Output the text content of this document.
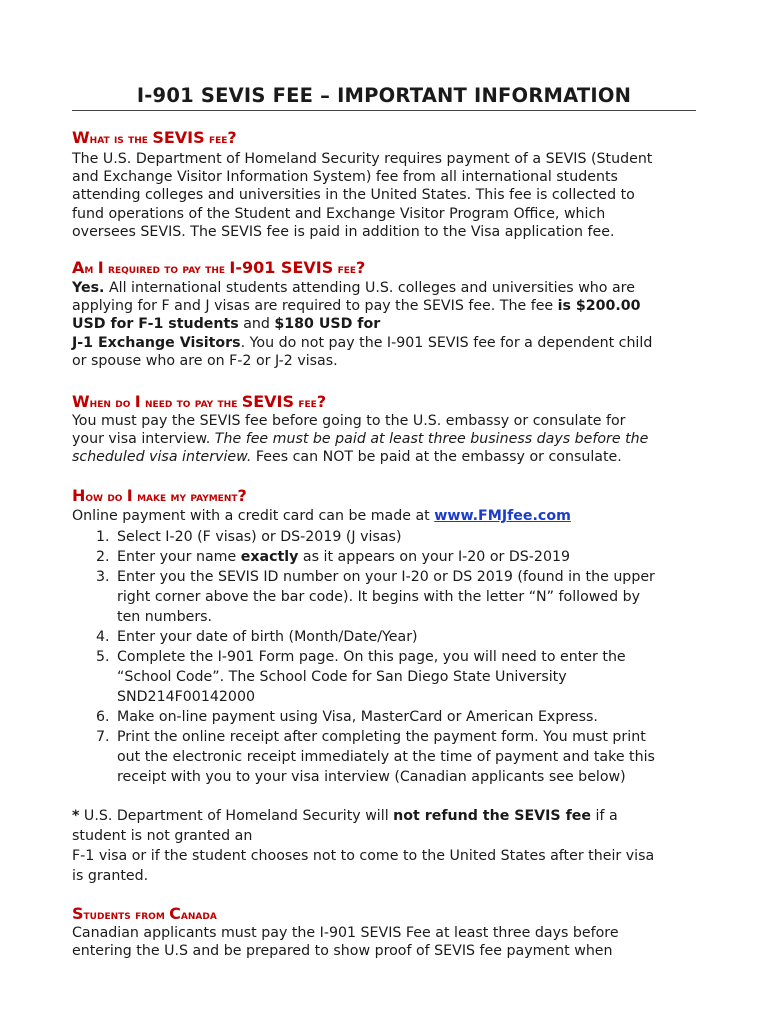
I-901 SEVIS FEE – IMPORTANT INFORMATION
What is the SEVIS fee?
The U.S. Department of Homeland Security requires payment of a SEVIS (Student
and Exchange Visitor Information System) fee from all international students
attending colleges and universities in the United States. This fee is collected to
fund operations of the Student and Exchange Visitor Program Office, which
oversees SEVIS. The SEVIS fee is paid in addition to the Visa application fee.
Am I required to pay the I-901 SEVIS fee?
Yes. All international students attending U.S. colleges and universities who are
applying for F and J visas are required to pay the SEVIS fee. The fee is $200.00
USD for F-1 students and $180 USD for
J-1 Exchange Visitors. You do not pay the I-901 SEVIS fee for a dependent child
or spouse who are on F-2 or J-2 visas.
When do I need to pay the SEVIS fee?
You must pay the SEVIS fee before going to the U.S. embassy or consulate for
your visa interview. The fee must be paid at least three business days before the
scheduled visa interview. Fees can NOT be paid at the embassy or consulate.
How do I make my payment?
Online payment with a credit card can be made at www.FMJfee.com
1. Select I-20 (F visas) or DS-2019 (J visas)
2. Enter your name exactly as it appears on your I-20 or DS-2019
3. Enter you the SEVIS ID number on your I-20 or DS 2019 (found in the upper
right corner above the bar code). It begins with the letter “N” followed by
ten numbers.
4. Enter your date of birth (Month/Date/Year)
5. Complete the I-901 Form page. On this page, you will need to enter the
“School Code”. The School Code for San Diego State University
SND214F00142000
6. Make on-line payment using Visa, MasterCard or American Express.
7. Print the online receipt after completing the payment form. You must print
out the electronic receipt immediately at the time of payment and take this
receipt with you to your visa interview (Canadian applicants see below)
* U.S. Department of Homeland Security will not refund the SEVIS fee if a
student is not granted an
F-1 visa or if the student chooses not to come to the United States after their visa
is granted.
Students from Canada
Canadian applicants must pay the I-901 SEVIS Fee at least three days before
entering the U.S and be prepared to show proof of SEVIS fee payment when
